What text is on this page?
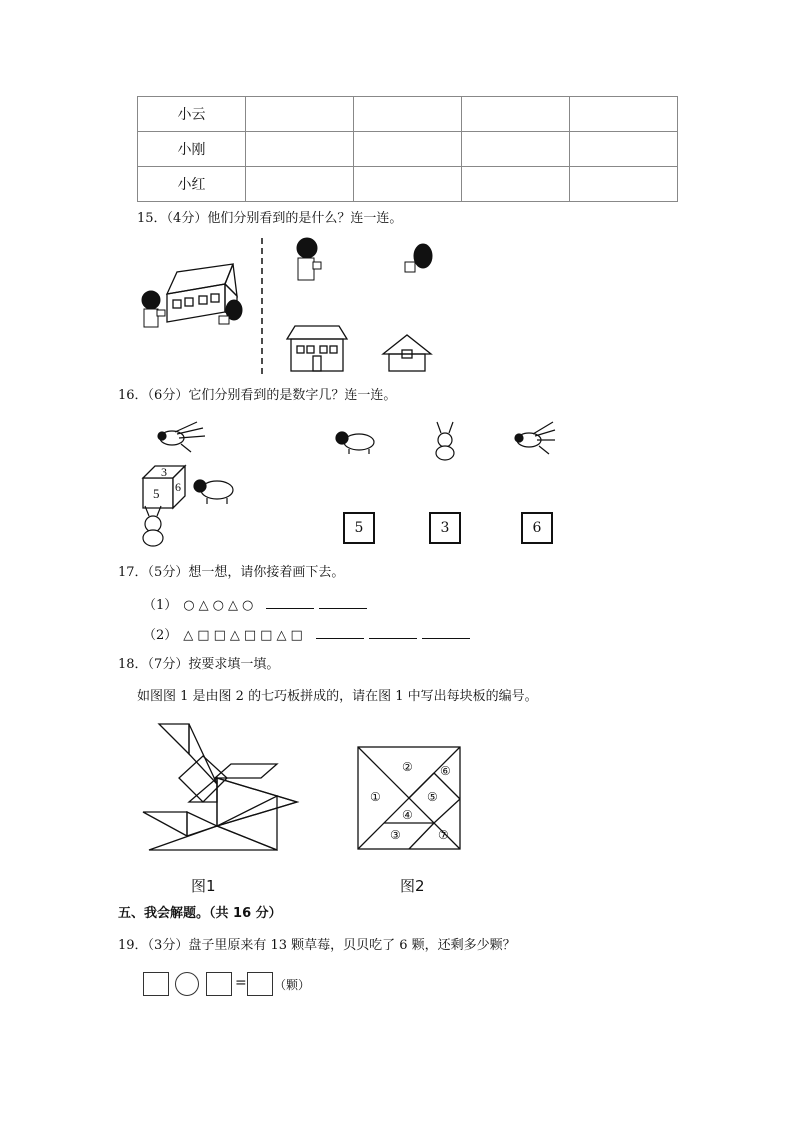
小云				
小刚				
小红				
15．（4分）他们分别看到的是什么？连一连。
16．（6分）它们分别看到的是数字几？连一连。
3
5 6
5	3	6
17．（5分）想一想，请你接着画下去。
（1） ○ △ ○ △ ○
（2） △ □ □ △ □ □ △ □
18．（7分）按要求填一填。
如图图 1 是由图 2 的七巧板拼成的，请在图 1 中写出每块板的编号。
图1
①
②
③
④
⑤
⑥
⑦
图2
五、我会解题。（共 16 分）
19．（3分）盘子里原来有 13 颗草莓，贝贝吃了 6 颗，还剩多少颗？
= （颗）
